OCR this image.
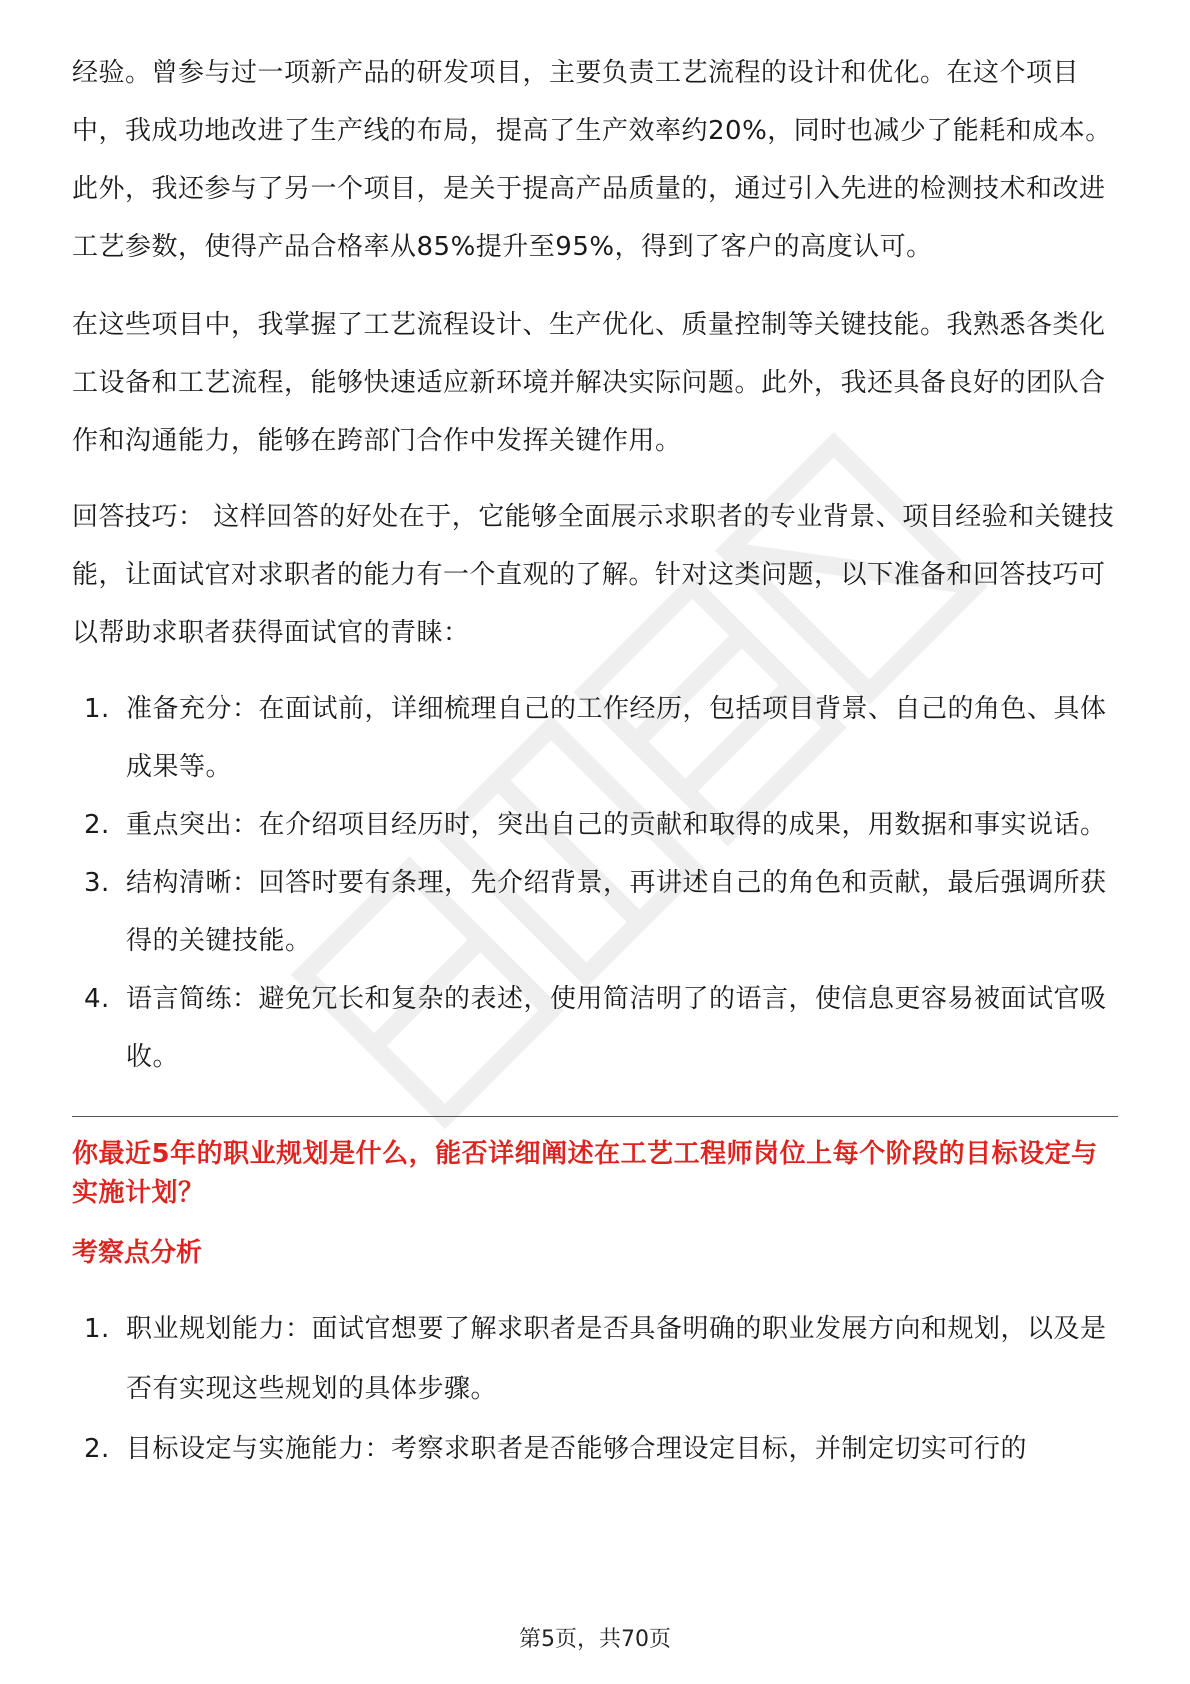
经验。曾参与过一项新产品的研发项目，主要负责工艺流程的设计和优化。在这个项目中，我成功地改进了生产线的布局，提高了生产效率约20%，同时也减少了能耗和成本。此外，我还参与了另一个项目，是关于提高产品质量的，通过引入先进的检测技术和改进工艺参数，使得产品合格率从85%提升至95%，得到了客户的高度认可。

在这些项目中，我掌握了工艺流程设计、生产优化、质量控制等关键技能。我熟悉各类化工设备和工艺流程，能够快速适应新环境并解决实际问题。此外，我还具备良好的团队合作和沟通能力，能够在跨部门合作中发挥关键作用。

回答技巧： 这样回答的好处在于，它能够全面展示求职者的专业背景、项目经验和关键技能，让面试官对求职者的能力有一个直观的了解。针对这类问题，以下准备和回答技巧可以帮助求职者获得面试官的青睐：

1. 准备充分：在面试前，详细梳理自己的工作经历，包括项目背景、自己的角色、具体成果等。
2. 重点突出：在介绍项目经历时，突出自己的贡献和取得的成果，用数据和事实说话。
3. 结构清晰：回答时要有条理，先介绍背景，再讲述自己的角色和贡献，最后强调所获得的关键技能。
4. 语言简练：避免冗长和复杂的表述，使用简洁明了的语言，使信息更容易被面试官吸收。
你最近5年的职业规划是什么，能否详细阐述在工艺工程师岗位上每个阶段的目标设定与实施计划？
考察点分析
1. 职业规划能力：面试官想要了解求职者是否具备明确的职业发展方向和规划，以及是否有实现这些规划的具体步骤。
2. 目标设定与实施能力：考察求职者是否能够合理设定目标，并制定切实可行的
第5页，共70页
